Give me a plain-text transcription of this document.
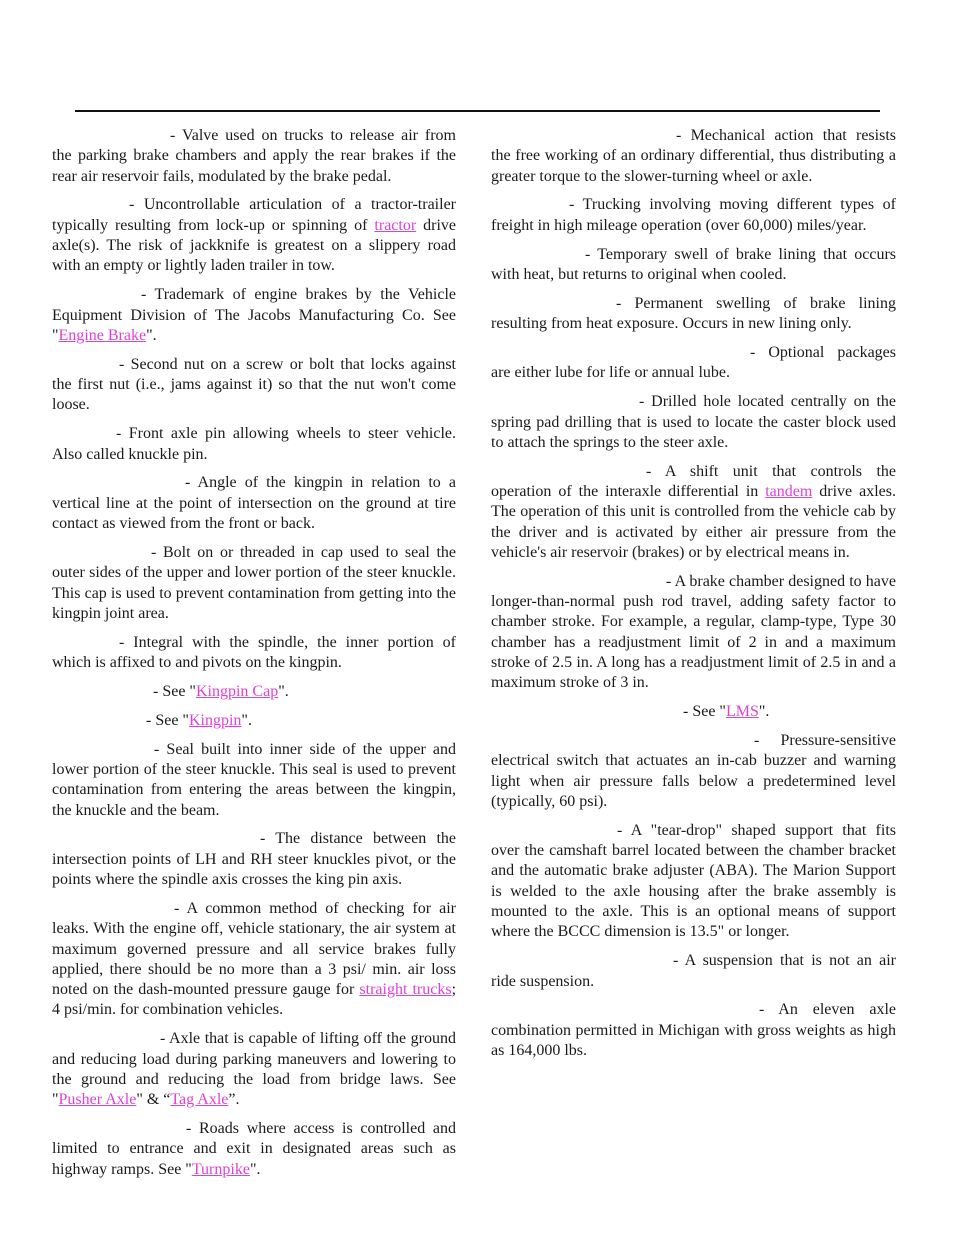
- Valve used on trucks to release air from the parking brake chambers and apply the rear brakes if the rear air reservoir fails, modulated by the brake pedal.

- Uncontrollable articulation of a tractor-trailer typically resulting from lock-up or spinning of tractor drive axle(s). The risk of jackknife is greatest on a slippery road with an empty or lightly laden trailer in tow.

- Trademark of engine brakes by the Vehicle Equipment Division of The Jacobs Manufacturing Co. See "Engine Brake".

- Second nut on a screw or bolt that locks against the first nut (i.e., jams against it) so that the nut won't come loose.

- Front axle pin allowing wheels to steer vehicle. Also called knuckle pin.

- Angle of the kingpin in relation to a vertical line at the point of intersection on the ground at tire contact as viewed from the front or back.

- Bolt on or threaded in cap used to seal the outer sides of the upper and lower portion of the steer knuckle. This cap is used to prevent contamination from getting into the kingpin joint area.

- Integral with the spindle, the inner portion of which is affixed to and pivots on the kingpin.

- See "Kingpin Cap".

- See "Kingpin".

- Seal built into inner side of the upper and lower portion of the steer knuckle. This seal is used to prevent contamination from entering the areas between the kingpin, the knuckle and the beam.

- The distance between the intersection points of LH and RH steer knuckles pivot, or the points where the spindle axis crosses the king pin axis.

- A common method of checking for air leaks. With the engine off, vehicle stationary, the air system at maximum governed pressure and all service brakes fully applied, there should be no more than a 3 psi/ min. air loss noted on the dash-mounted pressure gauge for straight trucks; 4 psi/min. for combination vehicles.

- Axle that is capable of lifting off the ground and reducing load during parking maneuvers and lowering to the ground and reducing the load from bridge laws. See "Pusher Axle" & “Tag Axle”.

- Roads where access is controlled and limited to entrance and exit in designated areas such as highway ramps. See "Turnpike".

- Mechanical action that resists the free working of an ordinary differential, thus distributing a greater torque to the slower-turning wheel or axle.

- Trucking involving moving different types of freight in high mileage operation (over 60,000) miles/year.

- Temporary swell of brake lining that occurs with heat, but returns to original when cooled.

- Permanent swelling of brake lining resulting from heat exposure. Occurs in new lining only.

- Optional packages are either lube for life or annual lube.

- Drilled hole located centrally on the spring pad drilling that is used to locate the caster block used to attach the springs to the steer axle.

- A shift unit that controls the operation of the interaxle differential in tandem drive axles. The operation of this unit is controlled from the vehicle cab by the driver and is activated by either air pressure from the vehicle's air reservoir (brakes) or by electrical means in.

- A brake chamber designed to have longer-than-normal push rod travel, adding safety factor to chamber stroke. For example, a regular, clamp-type, Type 30 chamber has a readjustment limit of 2 in and a maximum stroke of 2.5 in. A long has a readjustment limit of 2.5 in and a maximum stroke of 3 in.

- See "LMS".

- Pressure-sensitive electrical switch that actuates an in-cab buzzer and warning light when air pressure falls below a predetermined level (typically, 60 psi).

- A "tear-drop" shaped support that fits over the camshaft barrel located between the chamber bracket and the automatic brake adjuster (ABA). The Marion Support is welded to the axle housing after the brake assembly is mounted to the axle. This is an optional means of support where the BCCC dimension is 13.5" or longer.

- A suspension that is not an air ride suspension.

- An eleven axle combination permitted in Michigan with gross weights as high as 164,000 lbs.
